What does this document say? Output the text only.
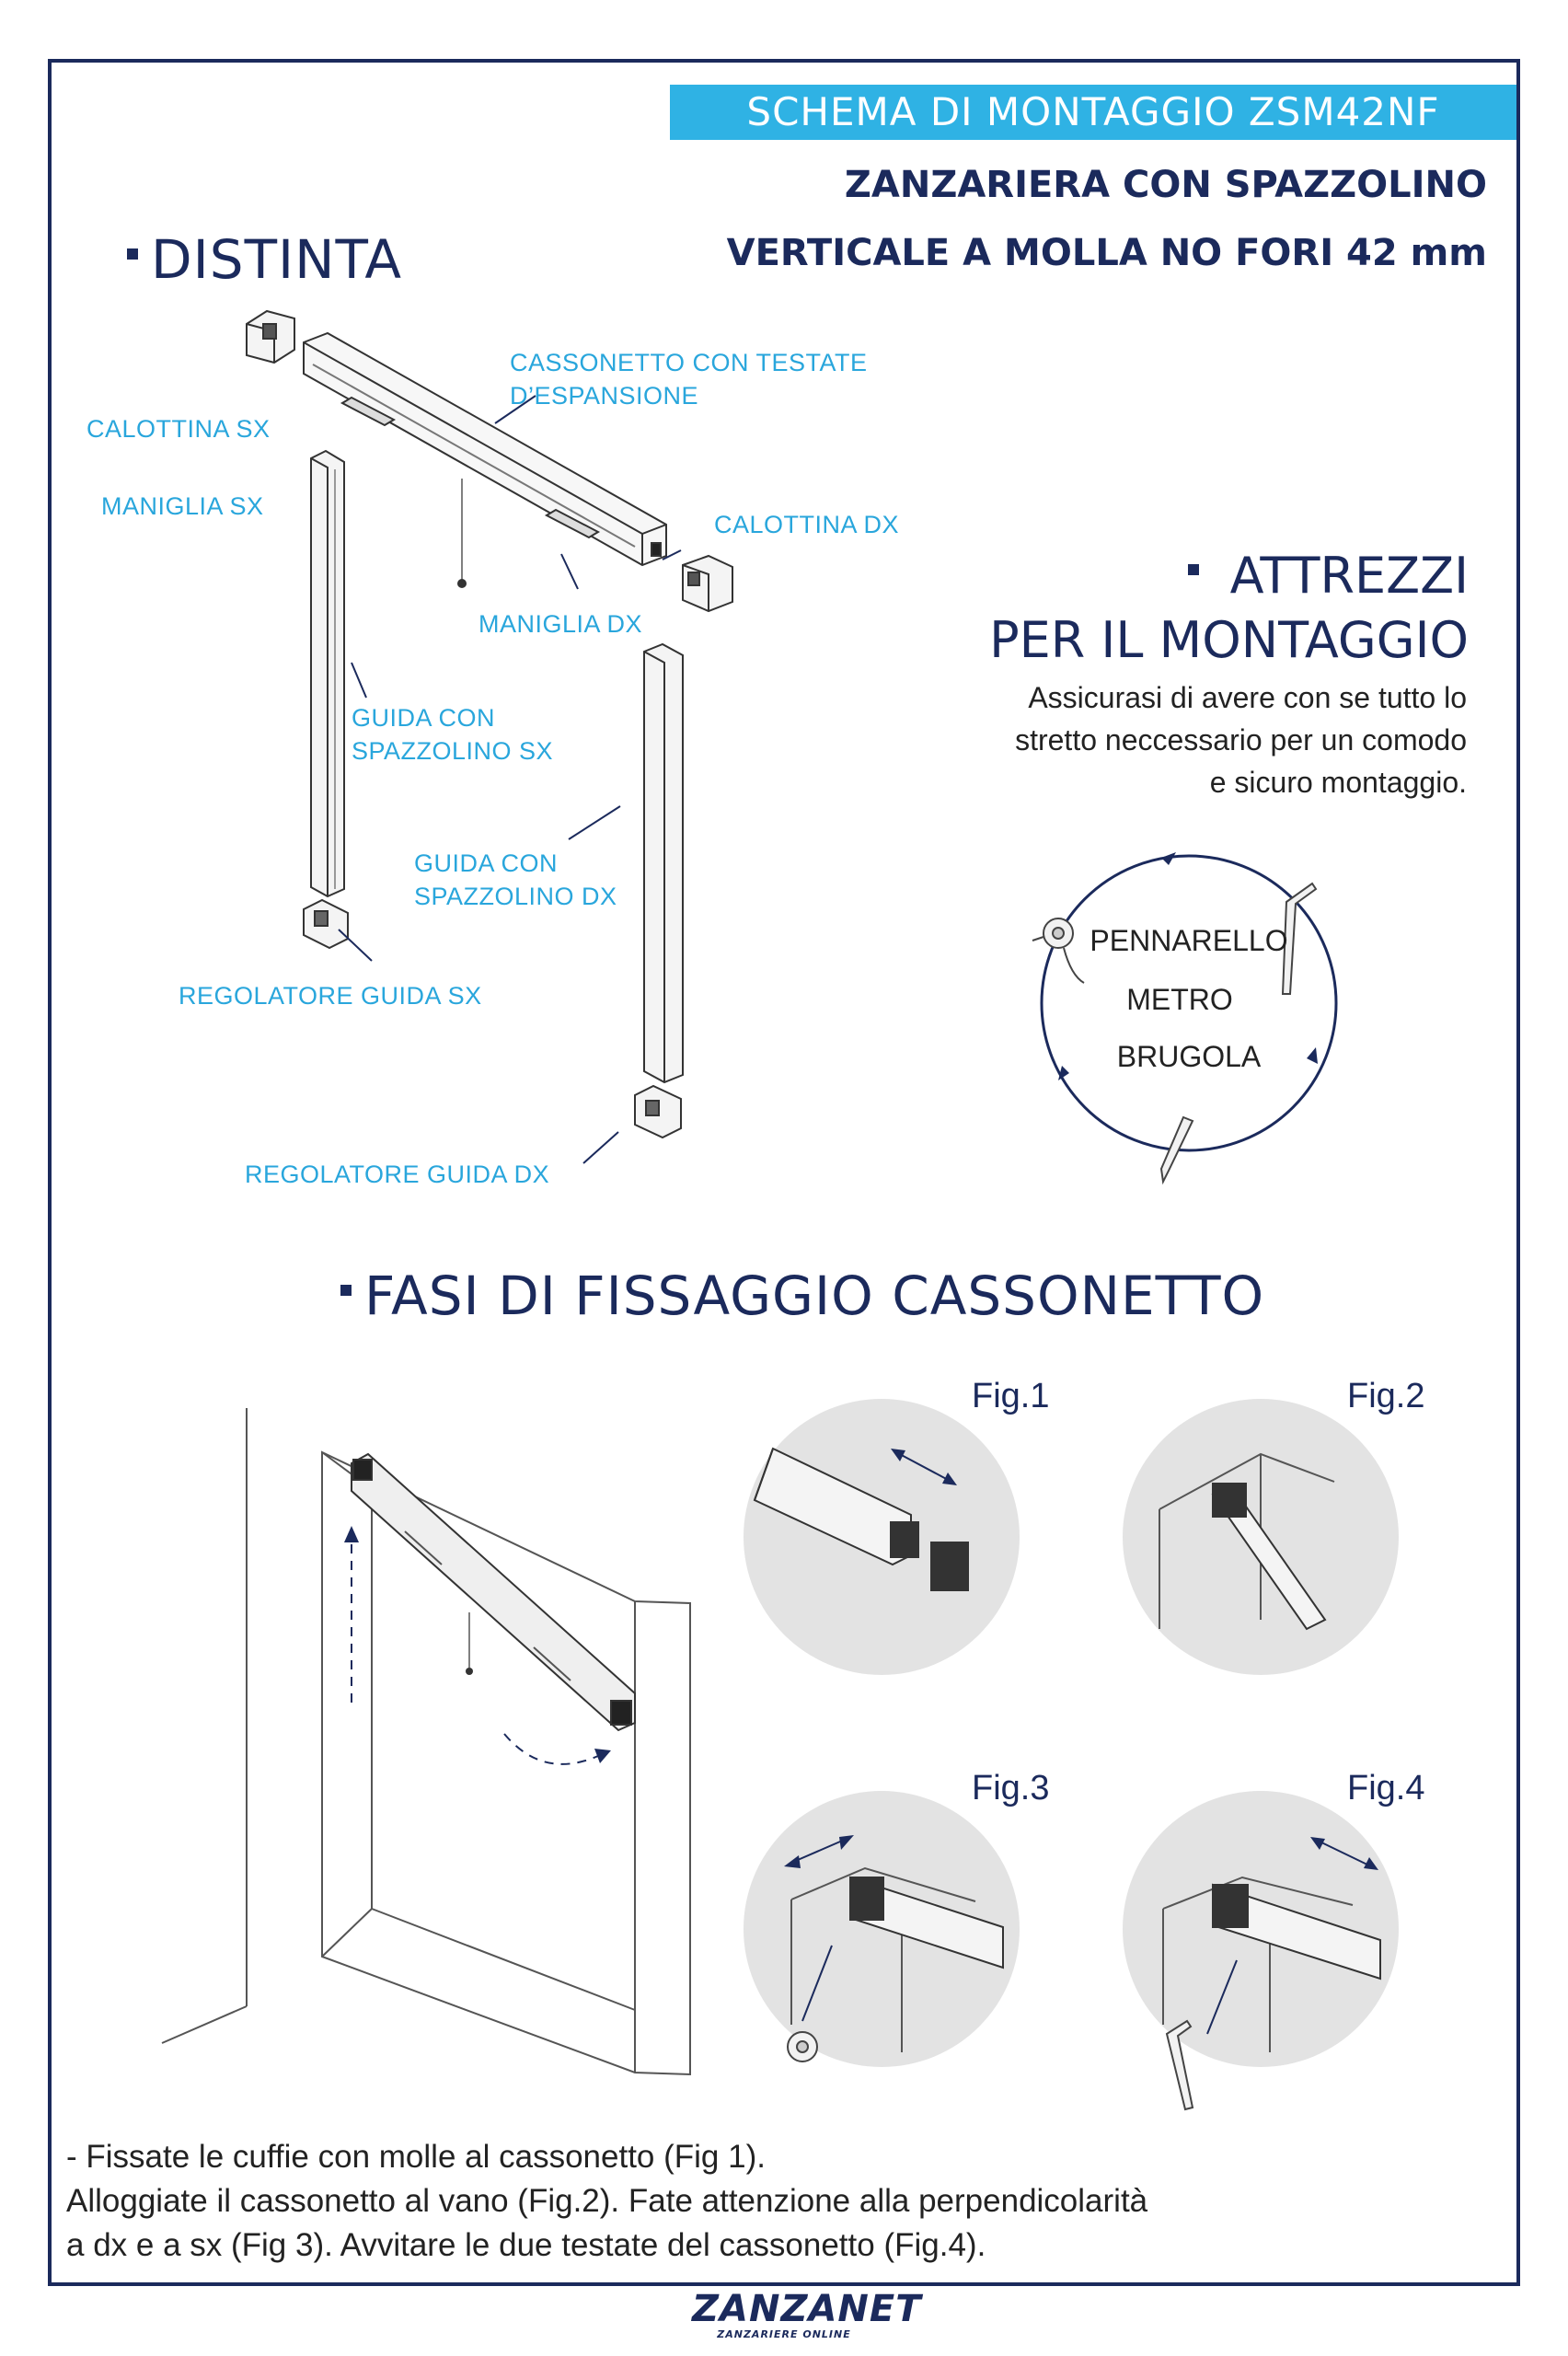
SCHEMA DI MONTAGGIO ZSM42NF
ZANZARIERA CON SPAZZOLINO
VERTICALE A MOLLA NO FORI 42 mm
DISTINTA
CALOTTINA SX
CASSONETTO CON TESTATE
D’ESPANSIONE
MANIGLIA SX
CALOTTINA DX
MANIGLIA DX
GUIDA CON
SPAZZOLINO SX
GUIDA CON
SPAZZOLINO DX
REGOLATORE GUIDA SX
REGOLATORE GUIDA DX
ATTREZZI
PER IL MONTAGGIO
Assicurasi di avere con se tutto lo
stretto neccessario per un comodo
e sicuro montaggio.
PENNARELLO
METRO
BRUGOLA
FASI DI FISSAGGIO CASSONETTO
Fig.1	Fig.2
Fig.3	Fig.4
- Fissate le cuffie con molle al cassonetto (Fig 1).
Alloggiate il cassonetto al vano (Fig.2). Fate attenzione alla perpendicolarità
a dx e a sx (Fig 3). Avvitare le due testate del cassonetto (Fig.4).
ZANZANET
ZANZARIERE ONLINE
